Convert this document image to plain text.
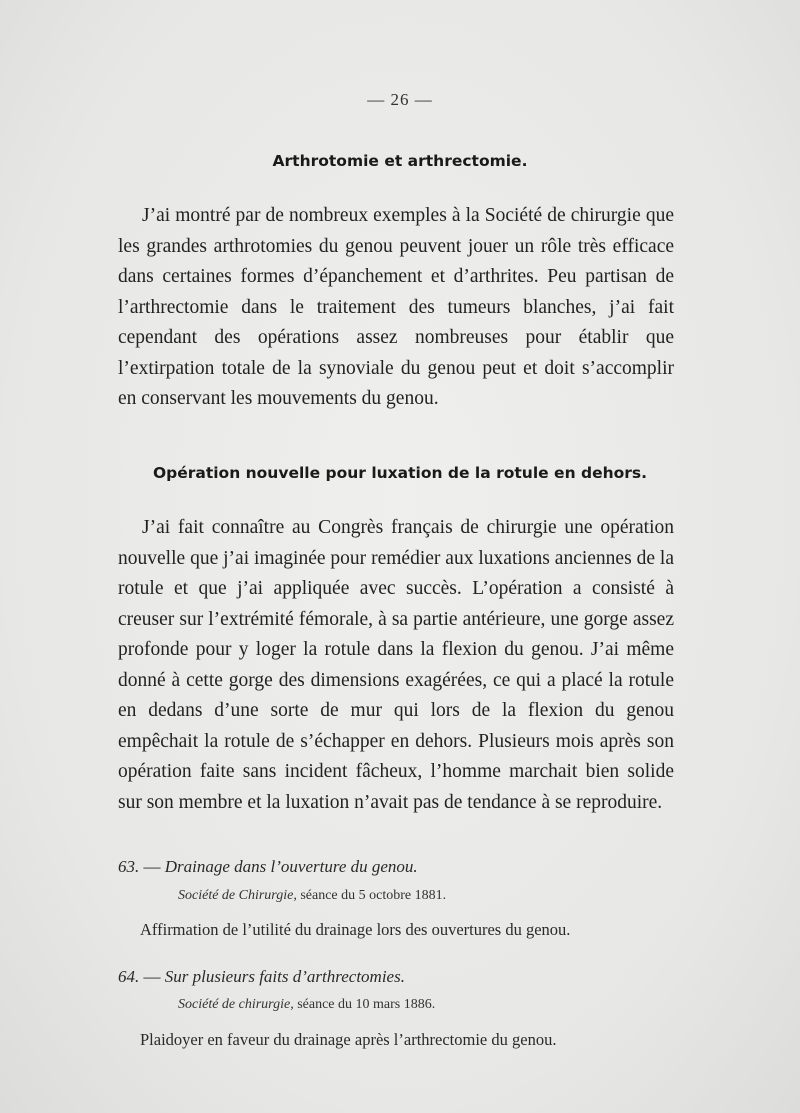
— 26 —
Arthrotomie et arthrectomie.

J’ai montré par de nombreux exemples à la Société de chirurgie que les grandes arthrotomies du genou peuvent jouer un rôle très efficace dans certaines formes d’épanchement et d’arthrites. Peu partisan de l’arthrectomie dans le traitement des tumeurs blanches, j’ai fait cependant des opérations assez nombreuses pour établir que l’extirpation totale de la synoviale du genou peut et doit s’accomplir en conservant les mouvements du genou.

Opération nouvelle pour luxation de la rotule en dehors.

J’ai fait connaître au Congrès français de chirurgie une opération nouvelle que j’ai imaginée pour remédier aux luxations anciennes de la rotule et que j’ai appliquée avec succès. L’opération a consisté à creuser sur l’extrémité fémorale, à sa partie antérieure, une gorge assez profonde pour y loger la rotule dans la flexion du genou. J’ai même donné à cette gorge des dimensions exagérées, ce qui a placé la rotule en dedans d’une sorte de mur qui lors de la flexion du genou empêchait la rotule de s’échapper en dehors. Plusieurs mois après son opération faite sans incident fâcheux, l’homme marchait bien solide sur son membre et la luxation n’avait pas de tendance à se reproduire.

63. — Drainage dans l’ouverture du genou.
Société de Chirurgie, séance du 5 octobre 1881.
Affirmation de l’utilité du drainage lors des ouvertures du genou.
64. — Sur plusieurs faits d’arthrectomies.
Société de chirurgie, séance du 10 mars 1886.
Plaidoyer en faveur du drainage après l’arthrectomie du genou.
